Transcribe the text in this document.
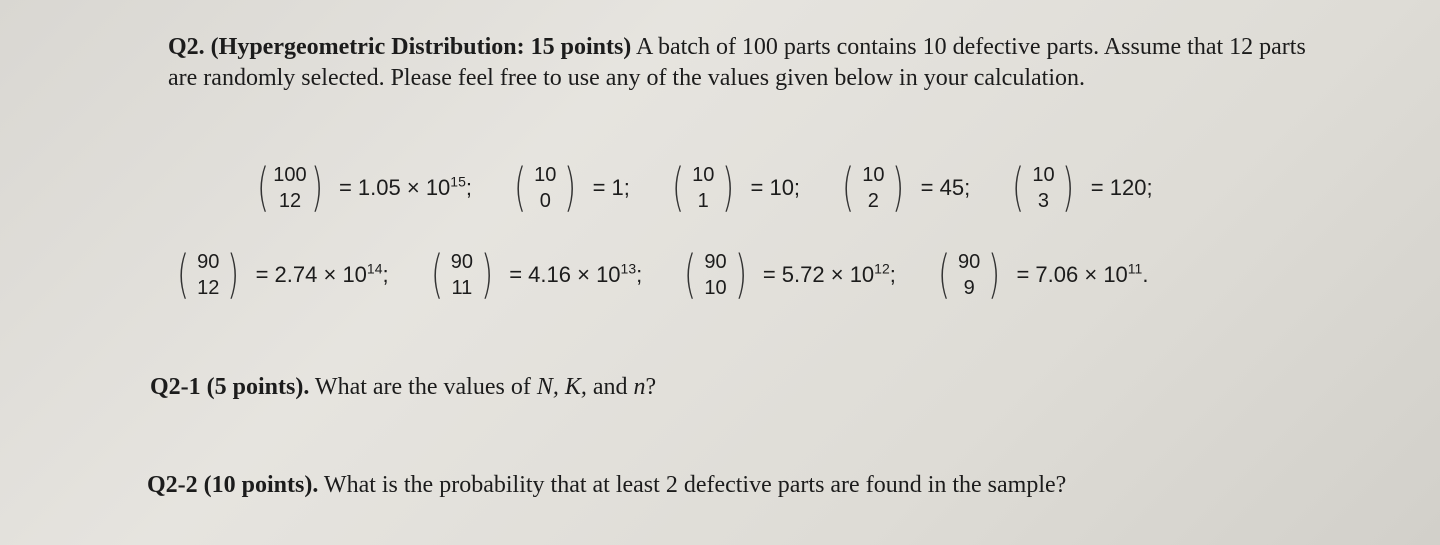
Q2. (Hypergeometric Distribution: 15 points) A batch of 100 parts contains 10 defective parts. Assume that 12 parts are randomly selected. Please feel free to use any of the values given below in your calculation.
( 100
12 ) = $1.05 \times 10^{15}$; ( 10
0 ) = 1; ( 10
1 ) = 10; ( 10
2 ) = 45; ( 10
3 ) = 120;
( 90
12 ) = $2.74 \times 10^{14}$; ( 90
11 ) = $4.16 \times 10^{13}$; ( 90
10 ) = $5.72 \times 10^{12}$; ( 90
9 ) = $7.06 \times 10^{11}$.
Q2-1 (5 points). What are the values of N, K, and n?
Q2-2 (10 points). What is the probability that at least 2 defective parts are found in the sample?
